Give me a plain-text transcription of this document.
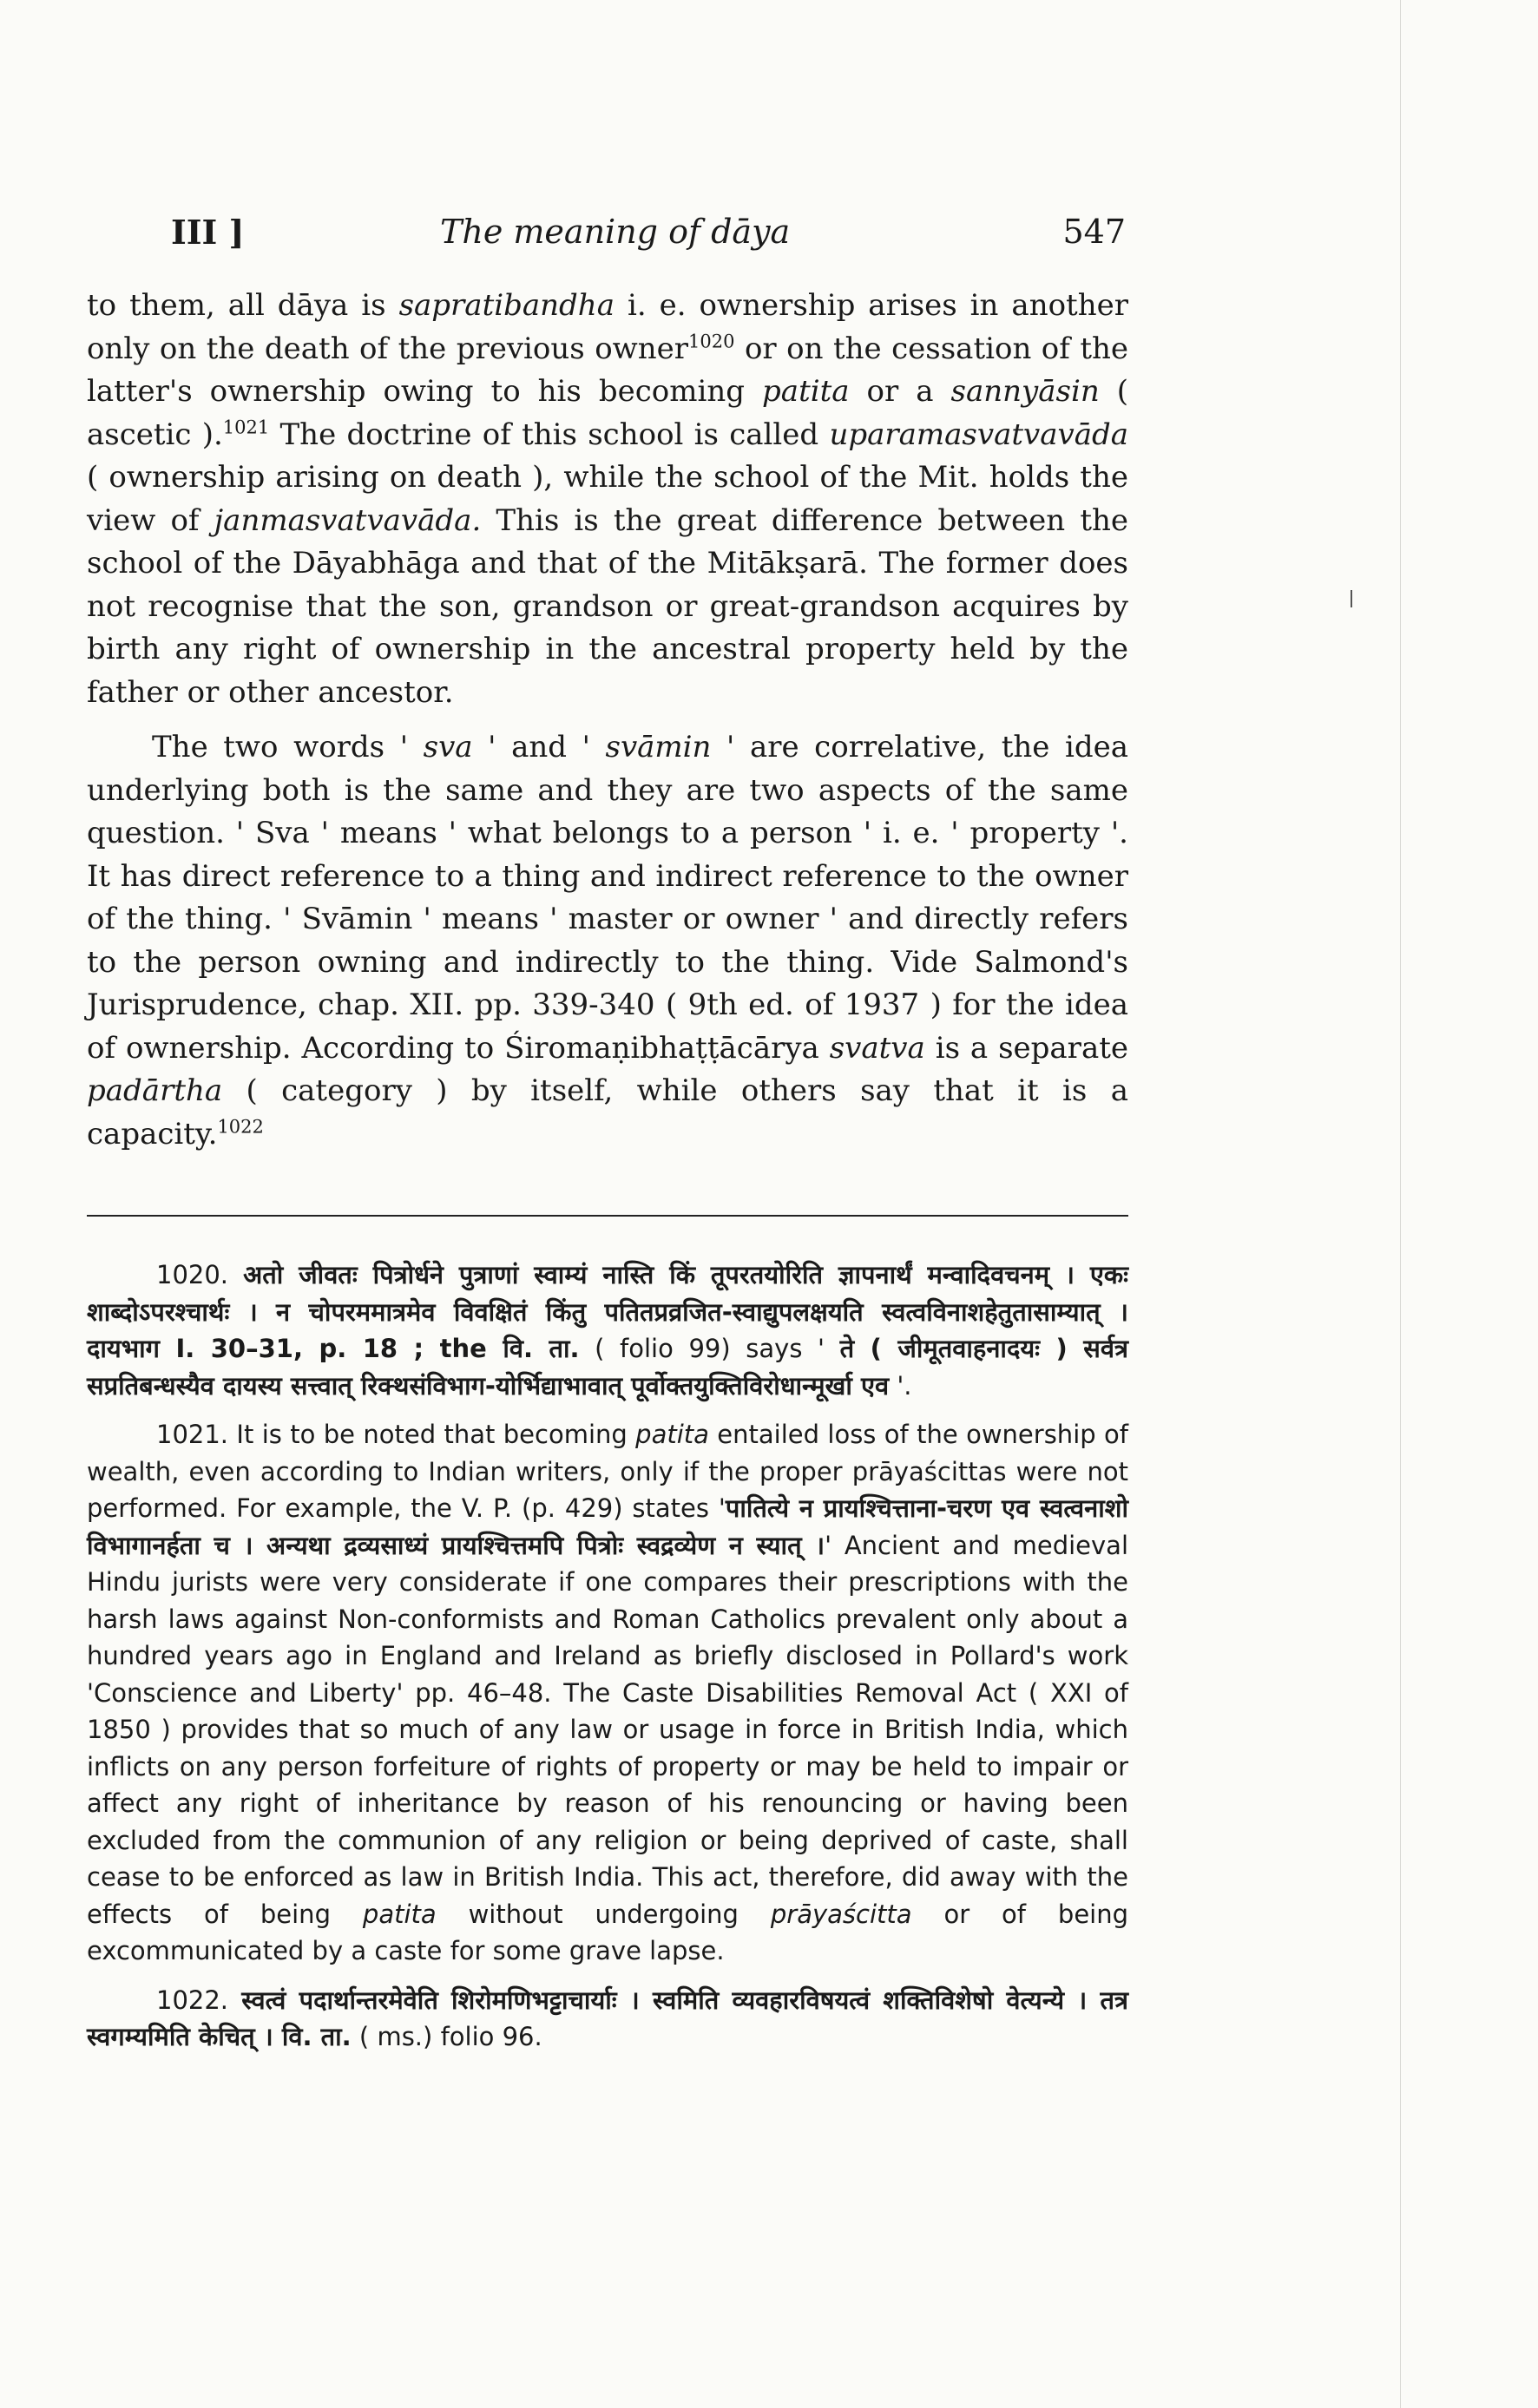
III ]	The meaning of dāya	547

to them, all dāya is sapratibandha i. e. ownership arises in another only on the death of the previous owner$^{1020}$ or on the cessation of the latter's ownership owing to his becoming patita or a sannyāsin ( ascetic ).$^{1021}$ The doctrine of this school is called uparamasvatvavāda ( ownership arising on death ), while the school of the Mit. holds the view of janmasvatvavāda. This is the great difference between the school of the Dāyabhāga and that of the Mitākṣarā. The former does not recognise that the son, grandson or great-grandson acquires by birth any right of ownership in the ancestral property held by the father or other ancestor.

The two words ' sva ' and ' svāmin ' are correlative, the idea underlying both is the same and they are two aspects of the same question. ' Sva ' means ' what belongs to a person ' i. e. ' property '. It has direct reference to a thing and indirect reference to the owner of the thing. ' Svāmin ' means ' master or owner ' and directly refers to the person owning and indirectly to the thing. Vide Salmond's Jurisprudence, chap. XII. pp. 339-340 ( 9th ed. of 1937 ) for the idea of ownership. According to Śiromaṇibhaṭṭācārya svatva is a separate padārtha ( category ) by itself, while others say that it is a capacity.$^{1022}$

1020. अतो जीवतः पित्रोर्धने पुत्राणां स्वाम्यं नास्ति किं तूपरतयोरिति ज्ञापनार्थं मन्वादिवचनम् । एकः शाब्दोऽपरश्चार्थः । न चोपरममात्रमेव विवक्षितं किंतु पतितप्रव्रजित-स्वाद्युपलक्षयति स्वत्वविनाशहेतुतासाम्यात् । दायभाग I. 30–31, p. 18 ; the वि. ता. ( folio 99) says ' ते ( जीमूतवाहनादयः ) सर्वत्र सप्रतिबन्धस्यैव दायस्य सत्त्वात् रिक्थसंविभाग-योर्भिद्याभावात् पूर्वोक्तयुक्तिविरोधान्मूर्खा एव '.

1021. It is to be noted that becoming patita entailed loss of the ownership of wealth, even according to Indian writers, only if the proper prāyaścittas were not performed. For example, the V. P. (p. 429) states 'पातित्ये न प्रायश्चित्ताना-चरण एव स्वत्वनाशो विभागानर्हता च । अन्यथा द्रव्यसाध्यं प्रायश्चित्तमपि पित्रोः स्वद्रव्येण न स्यात् ।' Ancient and medieval Hindu jurists were very considerate if one compares their prescriptions with the harsh laws against Non-conformists and Roman Catholics prevalent only about a hundred years ago in England and Ireland as briefly disclosed in Pollard's work 'Conscience and Liberty' pp. 46–48. The Caste Disabilities Removal Act ( XXI of 1850 ) provides that so much of any law or usage in force in British India, which inflicts on any person forfeiture of rights of property or may be held to impair or affect any right of inheritance by reason of his renouncing or having been excluded from the communion of any religion or being deprived of caste, shall cease to be enforced as law in British India. This act, therefore, did away with the effects of being patita without undergoing prāyaścitta or of being excommunicated by a caste for some grave lapse.

1022. स्वत्वं पदार्थान्तरमेवेति शिरोमणिभट्टाचार्याः । स्वमिति व्यवहारविषयत्वं शक्तिविशेषो वेत्यन्ये । तत्र स्वगम्यमिति केचित् । वि. ता. ( ms.) folio 96.
